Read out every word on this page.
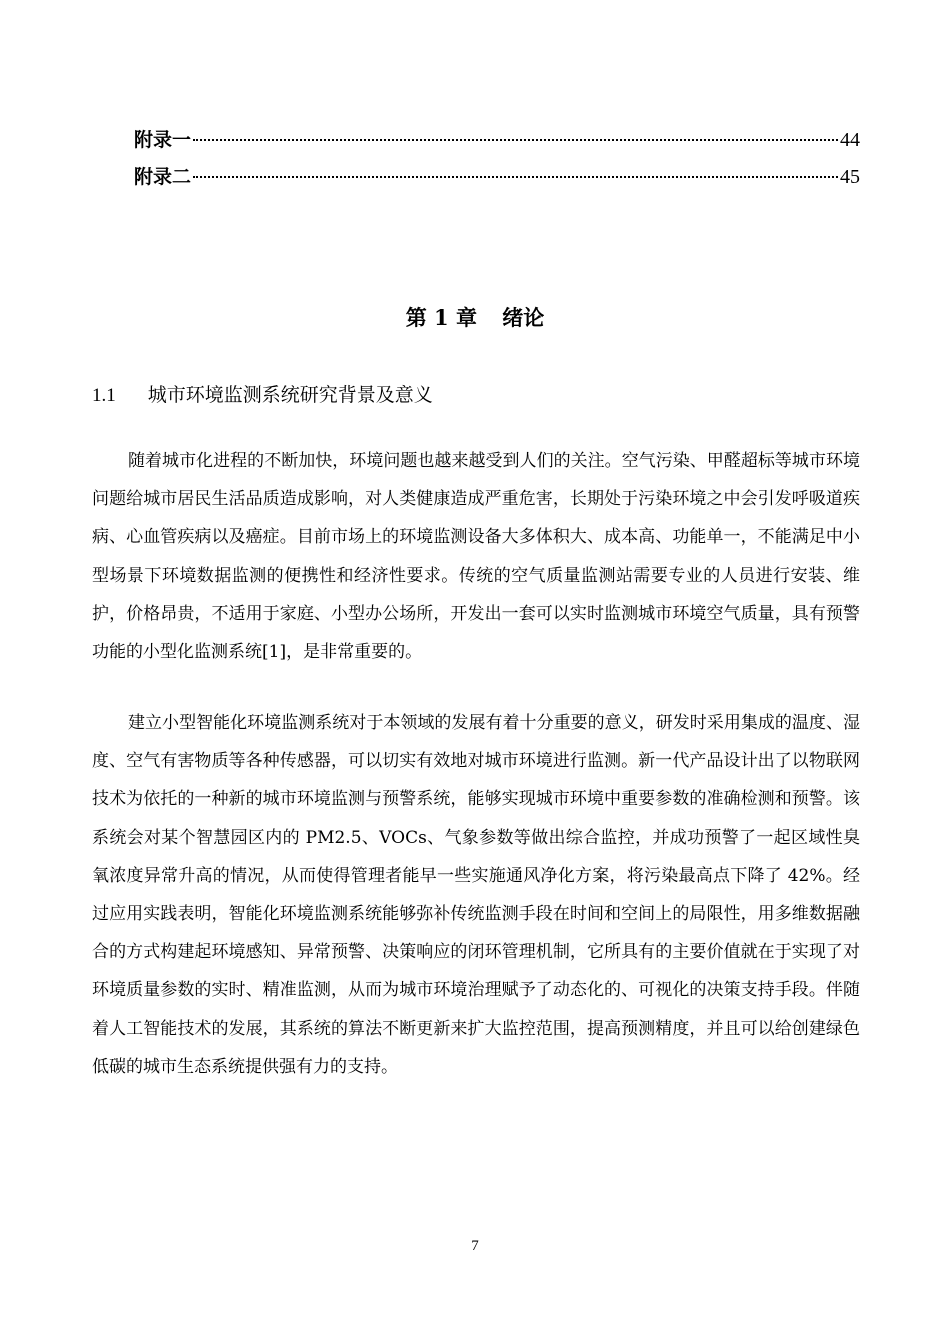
附录一	44
附录二	45
第 1 章 绪论
1.1 城市环境监测系统研究背景及意义

随着城市化进程的不断加快，环境问题也越来越受到人们的关注。空气污染、甲醛超标等城市环境问题给城市居民生活品质造成影响，对人类健康造成严重危害，长期处于污染环境之中会引发呼吸道疾病、心血管疾病以及癌症。目前市场上的环境监测设备大多体积大、成本高、功能单一，不能满足中小型场景下环境数据监测的便携性和经济性要求。传统的空气质量监测站需要专业的人员进行安装、维护，价格昂贵，不适用于家庭、小型办公场所，开发出一套可以实时监测城市环境空气质量，具有预警功能的小型化监测系统[1]，是非常重要的。

建立小型智能化环境监测系统对于本领域的发展有着十分重要的意义，研发时采用集成的温度、湿度、空气有害物质等各种传感器，可以切实有效地对城市环境进行监测。新一代产品设计出了以物联网技术为依托的一种新的城市环境监测与预警系统，能够实现城市环境中重要参数的准确检测和预警。该系统会对某个智慧园区内的 PM2.5、VOCs、气象参数等做出综合监控，并成功预警了一起区域性臭氧浓度异常升高的情况，从而使得管理者能早一些实施通风净化方案，将污染最高点下降了 42%。经过应用实践表明，智能化环境监测系统能够弥补传统监测手段在时间和空间上的局限性，用多维数据融合的方式构建起环境感知、异常预警、决策响应的闭环管理机制，它所具有的主要价值就在于实现了对环境质量参数的实时、精准监测，从而为城市环境治理赋予了动态化的、可视化的决策支持手段。伴随着人工智能技术的发展，其系统的算法不断更新来扩大监控范围，提高预测精度，并且可以给创建绿色低碳的城市生态系统提供强有力的支持。

7
